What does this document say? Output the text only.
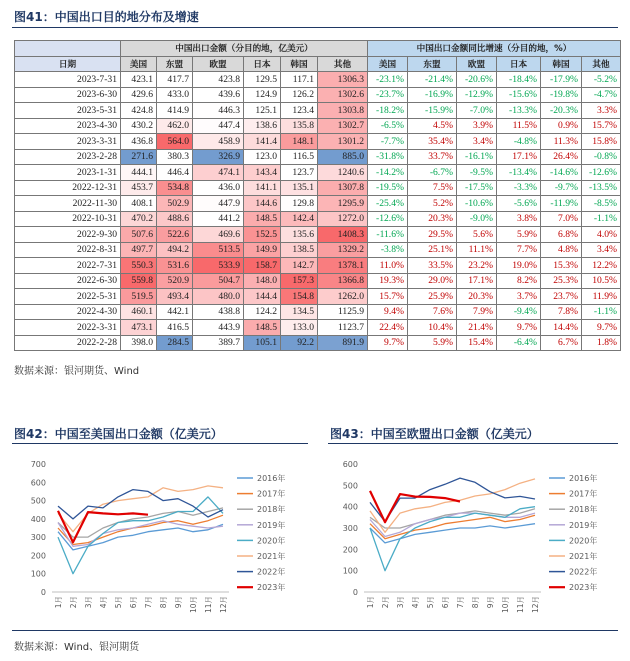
图41：中国出口目的地分布及增速
	中国出口金额（分目的地，亿美元）						中国出口金额同比增速（分目的地，%）					
日期	美国	东盟	欧盟	日本	韩国	其他	美国	东盟	欧盟	日本	韩国	其他
2023-7-31	423.1	417.7	423.8	129.5	117.1	1306.3	-23.1%	-21.4%	-20.6%	-18.4%	-17.9%	-5.2%
2023-6-30	429.6	433.0	439.6	124.9	126.2	1302.6	-23.7%	-16.9%	-12.9%	-15.6%	-19.8%	-4.7%
2023-5-31	424.8	414.9	446.3	125.1	123.4	1303.8	-18.2%	-15.9%	-7.0%	-13.3%	-20.3%	3.3%
2023-4-30	430.2	462.0	447.4	138.6	135.8	1302.7	-6.5%	4.5%	3.9%	11.5%	0.9%	15.7%
2023-3-31	436.8	564.0	458.9	141.4	148.1	1301.2	-7.7%	35.4%	3.4%	-4.8%	11.3%	15.8%
2023-2-28	271.6	380.3	326.9	123.0	116.5	885.0	-31.8%	33.7%	-16.1%	17.1%	26.4%	-0.8%
2023-1-31	444.1	446.4	474.1	143.4	123.7	1240.6	-14.2%	-6.7%	-9.5%	-13.4%	-14.6%	-12.6%
2022-12-31	453.7	534.8	436.0	141.1	135.1	1307.8	-19.5%	7.5%	-17.5%	-3.3%	-9.7%	-13.5%
2022-11-30	408.1	502.9	447.9	144.6	129.8	1295.9	-25.4%	5.2%	-10.6%	-5.6%	-11.9%	-8.5%
2022-10-31	470.2	488.6	441.2	148.5	142.4	1272.0	-12.6%	20.3%	-9.0%	3.8%	7.0%	-1.1%
2022-9-30	507.6	522.6	469.6	152.5	135.6	1408.3	-11.6%	29.5%	5.6%	5.9%	6.8%	4.0%
2022-8-31	497.7	494.2	513.5	149.9	138.5	1329.2	-3.8%	25.1%	11.1%	7.7%	4.8%	3.4%
2022-7-31	550.3	531.6	533.9	158.7	142.7	1378.1	11.0%	33.5%	23.2%	19.0%	15.3%	12.2%
2022-6-30	559.8	520.9	504.7	148.0	157.3	1366.8	19.3%	29.0%	17.1%	8.2%	25.3%	10.5%
2022-5-31	519.5	493.4	480.0	144.4	154.8	1262.0	15.7%	25.9%	20.3%	3.7%	23.7%	11.9%
2022-4-30	460.1	442.1	438.8	124.2	134.5	1125.9	9.4%	7.6%	7.9%	-9.4%	7.8%	-1.1%
2022-3-31	473.1	416.5	443.9	148.5	133.0	1123.7	22.4%	10.4%	21.4%	9.7%	14.4%	9.7%
2022-2-28	398.0	284.5	389.7	105.1	92.2	891.9	9.7%	5.9%	15.4%	-6.4%	6.7%	1.8%
数据来源：银河期货、Wind
图42：中国至美国出口金额（亿美元）	图43：中国至欧盟出口金额（亿美元）
0
100
200
300
400
500
600
700
1月 2月 3月 4月 5月 6月 7月 8月 9月 10月 11月 12月
2016年
2017年
2018年
2019年
2020年
2021年
2022年
2023年
0
100
200
300
400
500
600
1月 2月 3月 4月 5月 6月 7月 8月 9月 10月 11月 12月
2016年
2017年
2018年
2019年
2020年
2021年
2022年
2023年
数据来源：Wind、银河期货
